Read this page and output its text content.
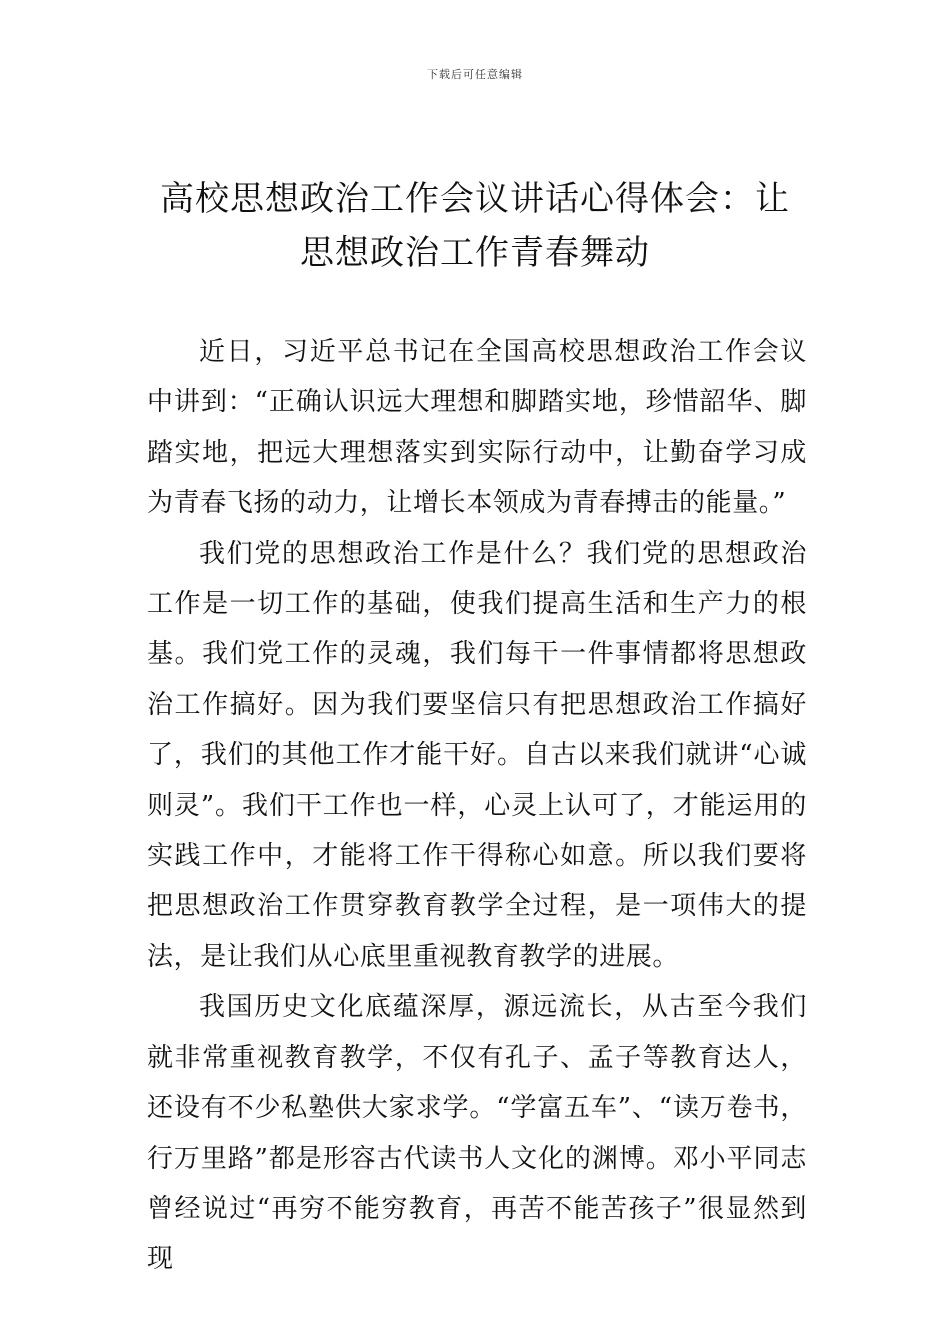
下载后可任意编辑
高校思想政治工作会议讲话心得体会：让思想政治工作青春舞动

近日，习近平总书记在全国高校思想政治工作会议中讲到：“正确认识远大理想和脚踏实地，珍惜韶华、脚踏实地，把远大理想落实到实际行动中，让勤奋学习成为青春飞扬的动力，让增长本领成为青春搏击的能量。”

我们党的思想政治工作是什么？我们党的思想政治工作是一切工作的基础，使我们提高生活和生产力的根基。我们党工作的灵魂，我们每干一件事情都将思想政治工作搞好。因为我们要坚信只有把思想政治工作搞好了，我们的其他工作才能干好。自古以来我们就讲“心诚则灵”。我们干工作也一样，心灵上认可了，才能运用的实践工作中，才能将工作干得称心如意。所以我们要将把思想政治工作贯穿教育教学全过程，是一项伟大的提法，是让我们从心底里重视教育教学的进展。

我国历史文化底蕴深厚，源远流长，从古至今我们就非常重视教育教学，不仅有孔子、孟子等教育达人，还设有不少私塾供大家求学。“学富五车”、“读万卷书，行万里路”都是形容古代读书人文化的渊博。邓小平同志曾经说过“再穷不能穷教育，再苦不能苦孩子”很显然到现
